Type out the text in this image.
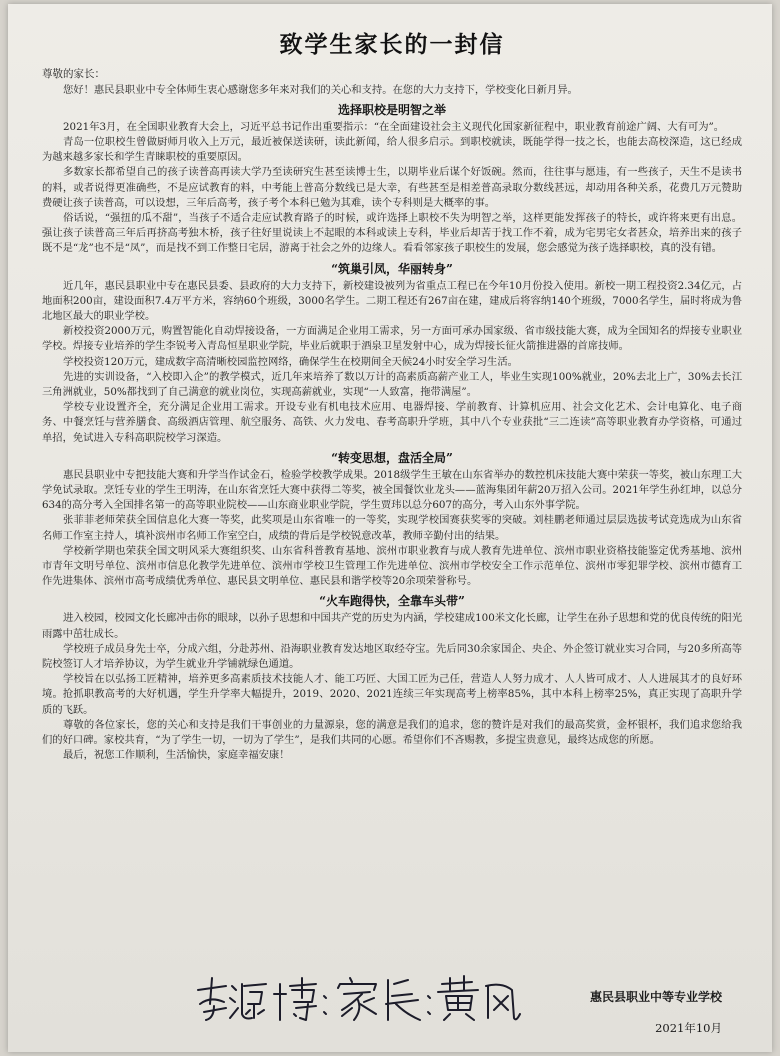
致学生家长的一封信
尊敬的家长：
您好！惠民县职业中专全体师生衷心感谢您多年来对我们的关心和支持。在您的大力支持下，学校变化日新月异。
选择职校是明智之举
2021年3月，在全国职业教育大会上，习近平总书记作出重要指示：“在全面建设社会主义现代化国家新征程中，职业教育前途广阔、大有可为”。
青岛一位职校生曾做厨师月收入上万元，最近被保送读研，读此新闻，给人很多启示。到职校就读，既能学得一技之长，也能去高校深造，这已经成为越来越多家长和学生青睐职校的重要原因。
多数家长都希望自己的孩子读普高再读大学乃至读研究生甚至读博士生，以期毕业后谋个好饭碗。然而，往往事与愿违，有一些孩子，天生不是读书的料，或者说得更准确些，不是应试教育的料，中考能上普高分数线已是大幸，有些甚至是相差普高录取分数线甚远，却动用各种关系，花费几万元赞助费硬让孩子读普高，可以设想，三年后高考，孩子考个本科已勉为其难，读个专科则是大概率的事。
俗话说，“强扭的瓜不甜”，当孩子不适合走应试教育路子的时候，或许选择上职校不失为明智之举，这样更能发挥孩子的特长，或许将来更有出息。强让孩子读普高三年后再挤高考独木桥，孩子往好里说读上不起眼的本科或读上专科，毕业后却苦于找工作不着，成为宅男宅女者甚众，培养出来的孩子既不是“龙”也不是“凤”，而是找不到工作整日宅居，游离于社会之外的边缘人。看看邻家孩子职校生的发展，您会感觉为孩子选择职校，真的没有错。
“筑巢引凤，华丽转身”
近几年，惠民县职业中专在惠民县委、县政府的大力支持下，新校建设被列为省重点工程已在今年10月份投入使用。新校一期工程投资2.34亿元，占地面积200亩，建设面积7.4万平方米，容纳60个班级，3000名学生。二期工程还有267亩在建，建成后将容纳140个班级，7000名学生，届时将成为鲁北地区最大的职业学校。
新校投资2000万元，购置智能化自动焊接设备，一方面满足企业用工需求，另一方面可承办国家级、省市级技能大赛，成为全国知名的焊接专业职业学校。焊接专业培养的学生李锐考入青岛恒星职业学院，毕业后就职于酒泉卫星发射中心，成为焊接长征火箭推进器的首席技师。
学校投资120万元，建成数字高清晰校园监控网络，确保学生在校期间全天候24小时安全学习生活。
先进的实训设备，“入校即入企”的教学模式，近几年来培养了数以万计的高素质高薪产业工人，毕业生实现100%就业，20%去北上广，30%去长江三角洲就业，50%都找到了自己满意的就业岗位，实现高薪就业，实现“一人致富，拖带满屋”。
学校专业设置齐全，充分满足企业用工需求。开设专业有机电技术应用、电器焊接、学前教育、计算机应用、社会文化艺术、会计电算化、电子商务、中餐烹饪与营养膳食、高级酒店管理、航空服务、高铁、火力发电、春考高职升学班，其中八个专业获批“三二连读”高等职业教育办学资格，可通过单招，免试进入专科高职院校学习深造。
“转变思想，盘活全局”
惠民县职业中专把技能大赛和升学当作试金石，检验学校教学成果。2018级学生王敏在山东省举办的数控机床技能大赛中荣获一等奖，被山东理工大学免试录取。烹饪专业的学生王明涛，在山东省烹饪大赛中获得二等奖，被全国餐饮业龙头——蓝海集团年薪20万招入公司。2021年学生孙红坤，以总分634的高分考入全国排名第一的高等职业院校——山东商业职业学院，学生贾玮以总分607的高分，考入山东外事学院。
张菲菲老师荣获全国信息化大赛一等奖，此奖项是山东省唯一的一等奖，实现学校国赛获奖零的突破。刘桂鹏老师通过层层选拔考试竞选成为山东省名师工作室主持人，填补滨州市名师工作室空白，成绩的背后是学校锐意改革，教师辛勤付出的结果。
学校新学期也荣获全国文明风采大赛组织奖、山东省科普教育基地、滨州市职业教育与成人教育先进单位、滨州市职业资格技能鉴定优秀基地、滨州市青年文明号单位、滨州市信息化教学先进单位、滨州市学校卫生管理工作先进单位、滨州市学校安全工作示范单位、滨州市零犯罪学校、滨州市德育工作先进集体、滨州市高考成绩优秀单位、惠民县文明单位、惠民县和谐学校等20余项荣誉称号。
“火车跑得快，全靠车头带”
进入校园，校园文化长廊冲击你的眼球，以孙子思想和中国共产党的历史为内涵，学校建成100米文化长廊，让学生在孙子思想和党的优良传统的阳光雨露中茁壮成长。
学校班子成员身先士卒，分成六组，分赴苏州、沿海职业教育发达地区取经夺宝。先后同30余家国企、央企、外企签订就业实习合同，与20多所高等院校签订人才培养协议，为学生就业升学铺就绿色通道。
学校旨在以弘扬工匠精神，培养更多高素质技术技能人才、能工巧匠、大国工匠为己任，营造人人努力成才、人人皆可成才、人人进展其才的良好环境。抢抓职教高考的大好机遇，学生升学率大幅提升，2019、2020、2021连续三年实现高考上榜率85%，其中本科上榜率25%，真正实现了高职升学质的飞跃。
尊敬的各位家长，您的关心和支持是我们干事创业的力量源泉，您的满意是我们的追求，您的赞许是对我们的最高奖赏，金杯银杯，我们追求您给我们的好口碑。家校共育，“为了学生一切，一切为了学生”，是我们共同的心愿。希望你们不吝赐教，多提宝贵意见，最终达成您的所愿。
最后，祝您工作顺利，生活愉快，家庭幸福安康！
惠民县职业中等专业学校
2021年10月
